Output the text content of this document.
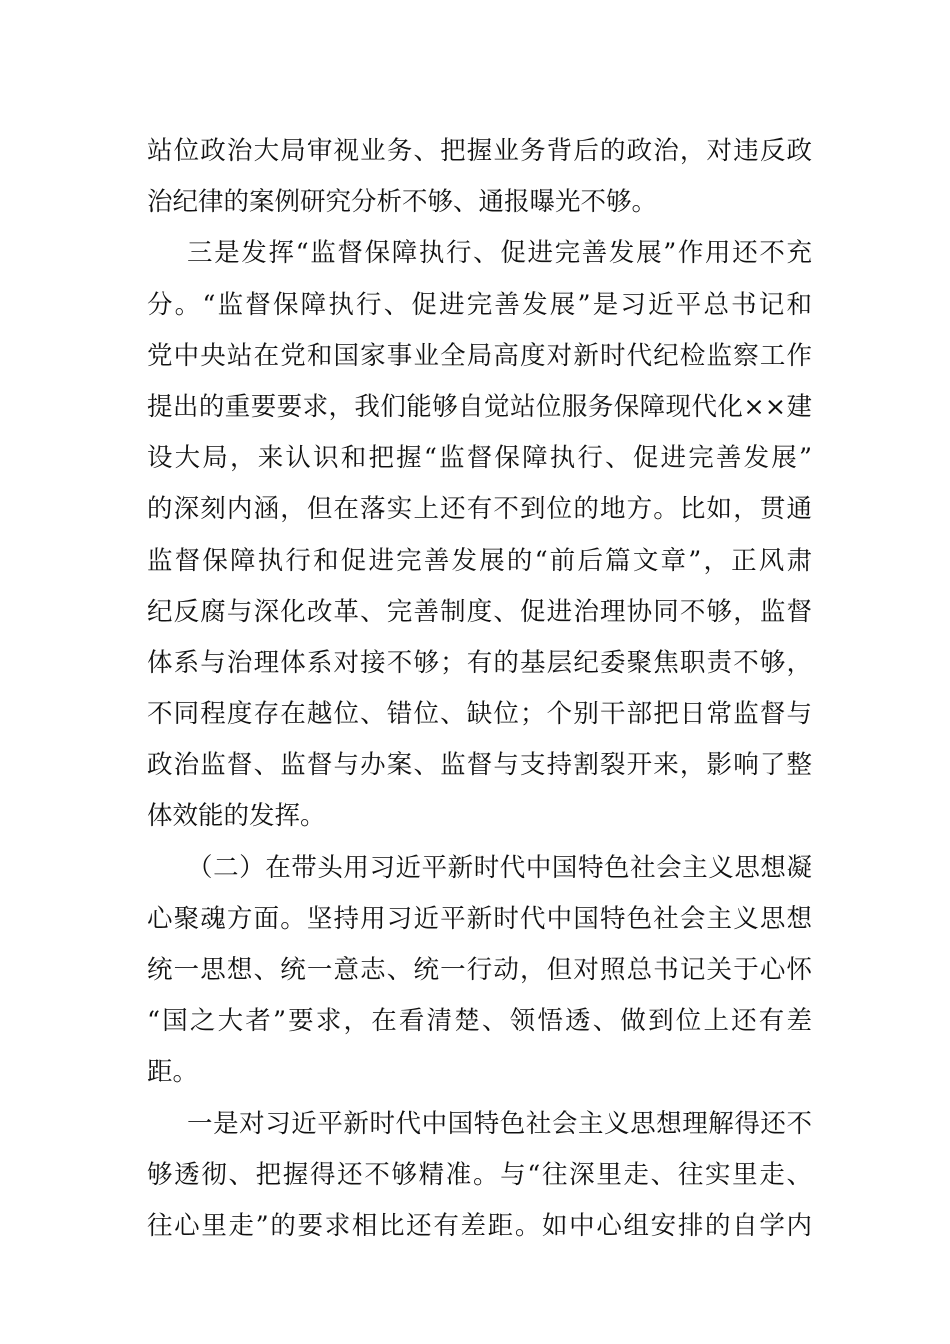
站位政治大局审视业务、把握业务背后的政治，对违反政
治纪律的案例研究分析不够、通报曝光不够。
三是发挥“监督保障执行、促进完善发展”作用还不充
分。“监督保障执行、促进完善发展”是习近平总书记和
党中央站在党和国家事业全局高度对新时代纪检监察工作
提出的重要要求，我们能够自觉站位服务保障现代化××建
设大局，来认识和把握“监督保障执行、促进完善发展”
的深刻内涵，但在落实上还有不到位的地方。比如，贯通
监督保障执行和促进完善发展的“前后篇文章”，正风肃
纪反腐与深化改革、完善制度、促进治理协同不够，监督
体系与治理体系对接不够；有的基层纪委聚焦职责不够，
不同程度存在越位、错位、缺位；个别干部把日常监督与
政治监督、监督与办案、监督与支持割裂开来，影响了整
体效能的发挥。
（二）在带头用习近平新时代中国特色社会主义思想凝
心聚魂方面。坚持用习近平新时代中国特色社会主义思想
统一思想、统一意志、统一行动，但对照总书记关于心怀
“国之大者”要求，在看清楚、领悟透、做到位上还有差
距。
一是对习近平新时代中国特色社会主义思想理解得还不
够透彻、把握得还不够精准。与“往深里走、往实里走、
往心里走”的要求相比还有差距。如中心组安排的自学内
